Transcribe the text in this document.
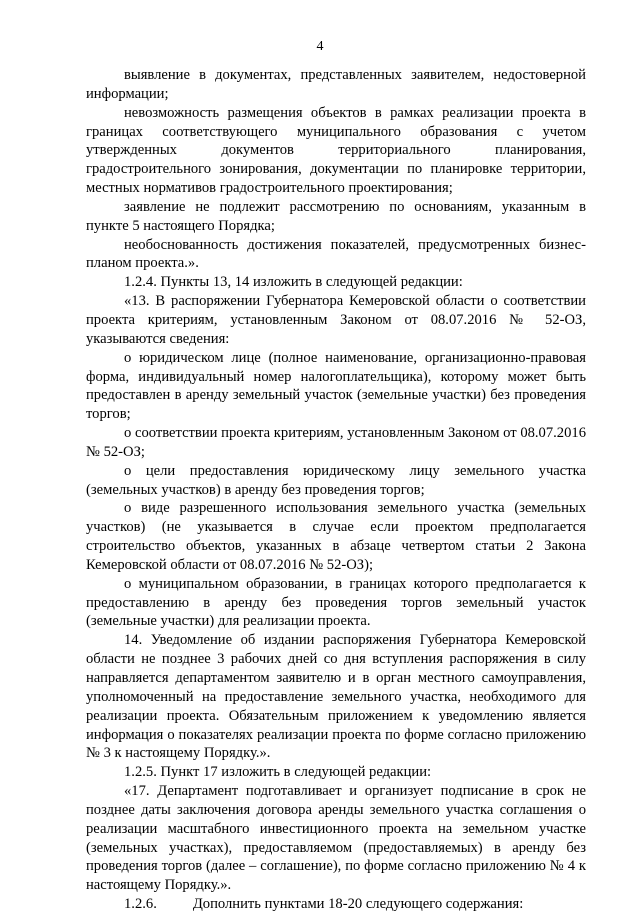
4

выявление в документах, представленных заявителем, недостоверной информации;

невозможность размещения объектов в рамках реализации проекта в границах соответствующего муниципального образования с учетом утвержденных документов территориального планирования, градостроительного зонирования, документации по планировке территории, местных нормативов градостроительного проектирования;

заявление не подлежит рассмотрению по основаниям, указанным в пункте 5 настоящего Порядка;

необоснованность достижения показателей, предусмотренных бизнес-планом проекта.».

1.2.4. Пункты 13, 14 изложить в следующей редакции:

«13. В распоряжении Губернатора Кемеровской области о соответствии проекта критериям, установленным Законом от 08.07.2016 № 52-ОЗ, указываются сведения:

о юридическом лице (полное наименование, организационно-правовая форма, индивидуальный номер налогоплательщика), которому может быть предоставлен в аренду земельный участок (земельные участки) без проведения торгов;

о соответствии проекта критериям, установленным Законом от 08.07.2016 № 52-ОЗ;

о цели предоставления юридическому лицу земельного участка (земельных участков) в аренду без проведения торгов;

о виде разрешенного использования земельного участка (земельных участков) (не указывается в случае если проектом предполагается строительство объектов, указанных в абзаце четвертом статьи 2 Закона Кемеровской области от 08.07.2016 № 52-ОЗ);

о муниципальном образовании, в границах которого предполагается к предоставлению в аренду без проведения торгов земельный участок (земельные участки) для реализации проекта.

14. Уведомление об издании распоряжения Губернатора Кемеровской области не позднее 3 рабочих дней со дня вступления распоряжения в силу направляется департаментом заявителю и в орган местного самоуправления, уполномоченный на предоставление земельного участка, необходимого для реализации проекта. Обязательным приложением к уведомлению является информация о показателях реализации проекта по форме согласно приложению № 3 к настоящему Порядку.».

1.2.5. Пункт 17 изложить в следующей редакции:

«17. Департамент подготавливает и организует подписание в срок не позднее даты заключения договора аренды земельного участка соглашения о реализации масштабного инвестиционного проекта на земельном участке (земельных участках), предоставляемом (предоставляемых) в аренду без проведения торгов (далее – соглашение), по форме согласно приложению № 4 к настоящему Порядку.».

1.2.6. Дополнить пунктами 18-20 следующего содержания:
